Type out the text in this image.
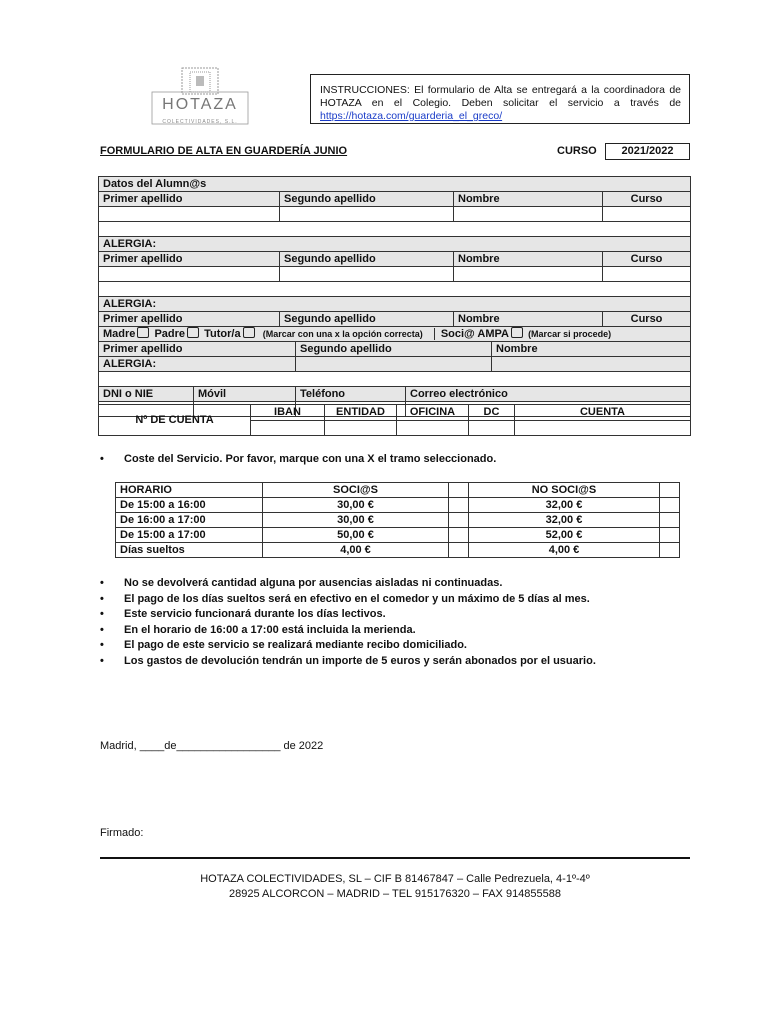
HOTAZA
COLECTIVIDADES, S.L.
INSTRUCCIONES: El formulario de Alta se entregará a la coordinadora de HOTAZA en el Colegio. Deben solicitar el servicio a través de https://hotaza.com/guarderia_el_greco/
FORMULARIO DE ALTA EN GUARDERÍA JUNIO	CURSO	2021/2022
Datos del Alumn@s			
Primer apellido	Segundo apellido	Nombre	Curso

ALERGIA:			
Primer apellido	Segundo apellido	Nombre	Curso

ALERGIA:			
Primer apellido	Segundo apellido	Nombre	Curso

ALERGIA:			
Madre Padre Tutor/a (Marcar con una x la opción correcta) Soci@ AMPA (Marcar si procede)				
Primer apellido		Segundo apellido		Nombre

DNI o NIE	Móvil	Teléfono	Correo electrónico	

Nº DE CUENTA	IBAN	ENTIDAD	OFICINA	DC	CUENTA

• Coste del Servicio. Por favor, marque con una X el tramo seleccionado.
HORARIO	SOCI@S		NO SOCI@S	
De 15:00 a 16:00	30,00 €		32,00 €	
De 16:00 a 17:00	30,00 €		32,00 €	
De 15:00 a 17:00	50,00 €		52,00 €	
Días sueltos	4,00 €		4,00 €	
• No se devolverá cantidad alguna por ausencias aisladas ni continuadas.
• El pago de los días sueltos será en efectivo en el comedor y un máximo de 5 días al mes.
• Este servicio funcionará durante los días lectivos.
• En el horario de 16:00 a 17:00 está incluida la merienda.
• El pago de este servicio se realizará mediante recibo domiciliado.
• Los gastos de devolución tendrán un importe de 5 euros y serán abonados por el usuario.
Madrid, ____de_________________ de 2022
Firmado:
HOTAZA COLECTIVIDADES, SL – CIF B 81467847 – Calle Pedrezuela, 4-1º-4º
28925 ALCORCON – MADRID – TEL 915176320 – FAX 914855588
